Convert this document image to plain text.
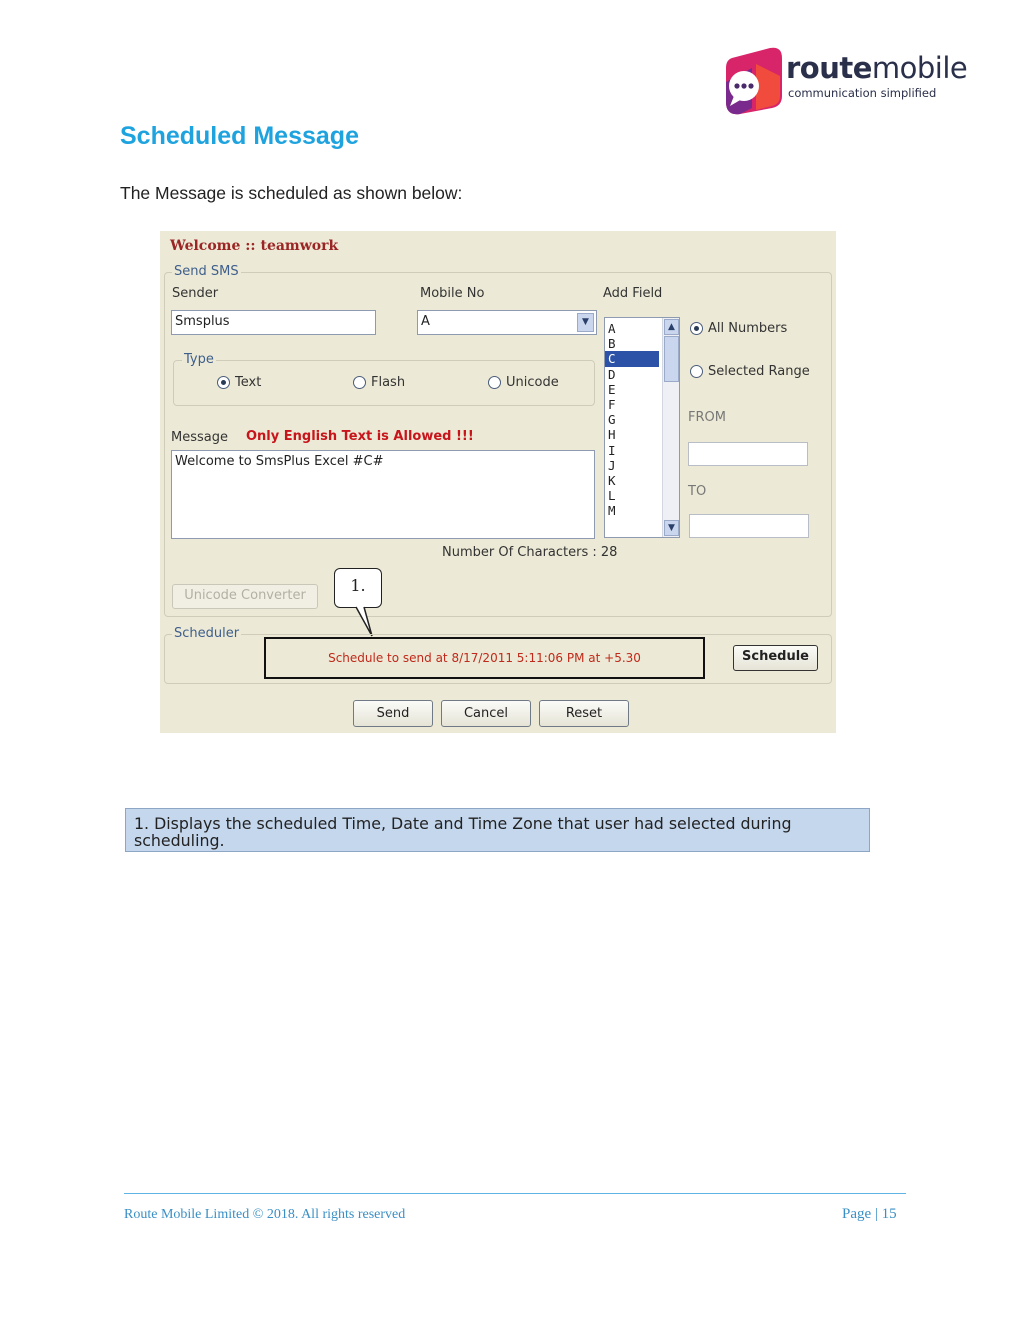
routemobile
communication simplified
Scheduled Message
The Message is scheduled as shown below:
Welcome :: teamwork
Send SMS
Sender
Smsplus
Mobile No
A	▼
Add Field
A
B
C
D
E
F
G
H
I
J
K
L
M
▲
▼
All Numbers
Selected Range
FROM
TO
Type
Text	Flash	Unicode
Message Only English Text is Allowed !!!
Welcome to SmsPlus Excel #C#
Number Of Characters : 28
Unicode Converter
1.
Scheduler
Schedule to send at 8/17/2011 5:11:06 PM at +5.30	Schedule
Send	Cancel	Reset
1. Displays the scheduled Time, Date and Time Zone that user had selected during scheduling.
Route Mobile Limited © 2018. All rights reserved	Page | 15
